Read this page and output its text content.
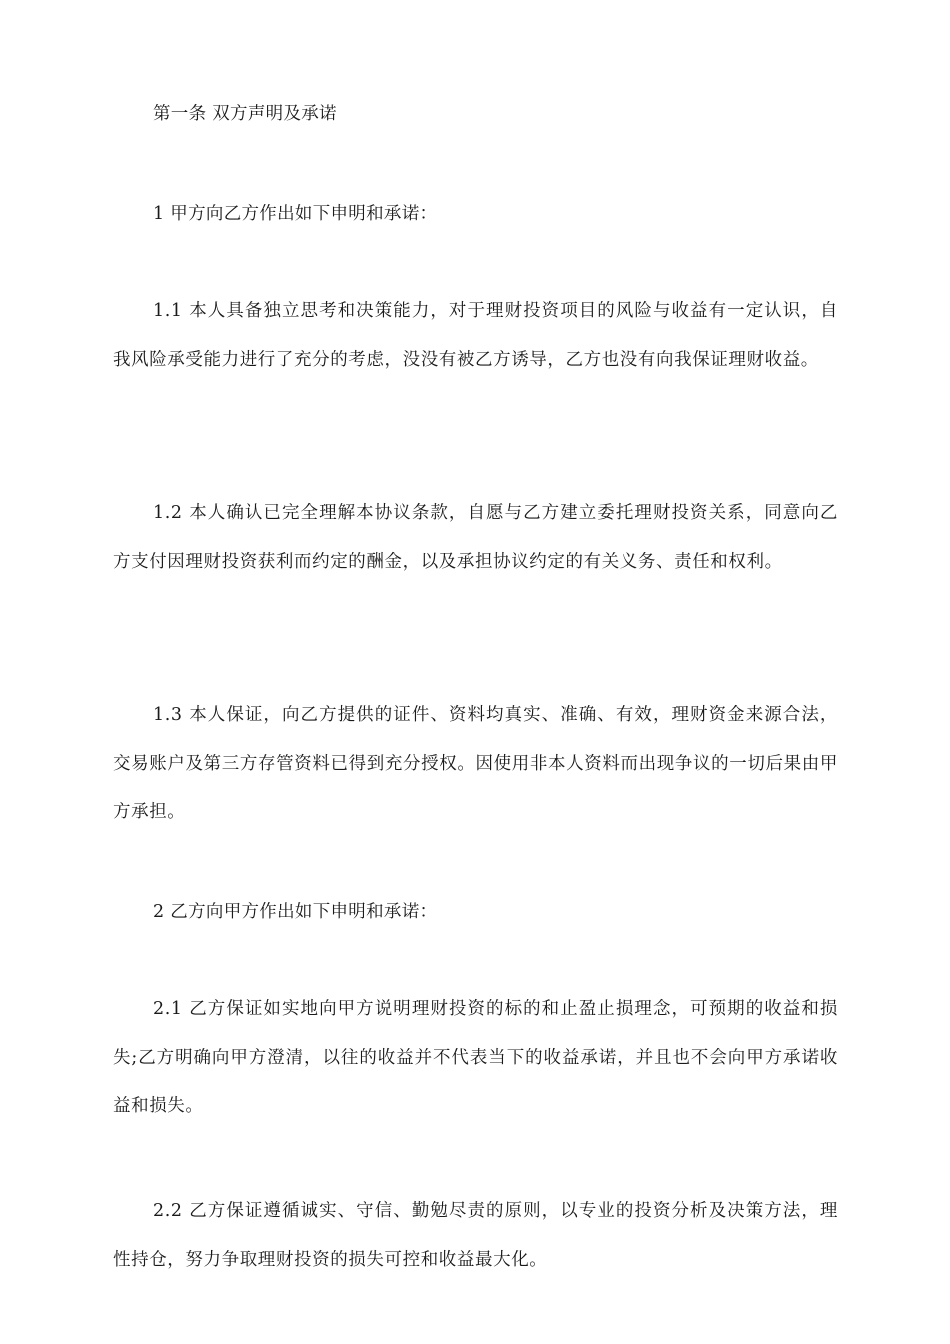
第一条 双方声明及承诺
1 甲方向乙方作出如下申明和承诺：
1.1 本人具备独立思考和决策能力，对于理财投资项目的风险与收益有一定认识，自我风险承受能力进行了充分的考虑，没没有被乙方诱导，乙方也没有向我保证理财收益。
1.2 本人确认已完全理解本协议条款，自愿与乙方建立委托理财投资关系，同意向乙方支付因理财投资获利而约定的酬金，以及承担协议约定的有关义务、责任和权利。
1.3 本人保证，向乙方提供的证件、资料均真实、准确、有效，理财资金来源合法，交易账户及第三方存管资料已得到充分授权。因使用非本人资料而出现争议的一切后果由甲方承担。
2 乙方向甲方作出如下申明和承诺：
2.1 乙方保证如实地向甲方说明理财投资的标的和止盈止损理念，可预期的收益和损失;乙方明确向甲方澄清，以往的收益并不代表当下的收益承诺，并且也不会向甲方承诺收益和损失。
2.2 乙方保证遵循诚实、守信、勤勉尽责的原则，以专业的投资分析及决策方法，理性持仓，努力争取理财投资的损失可控和收益最大化。
